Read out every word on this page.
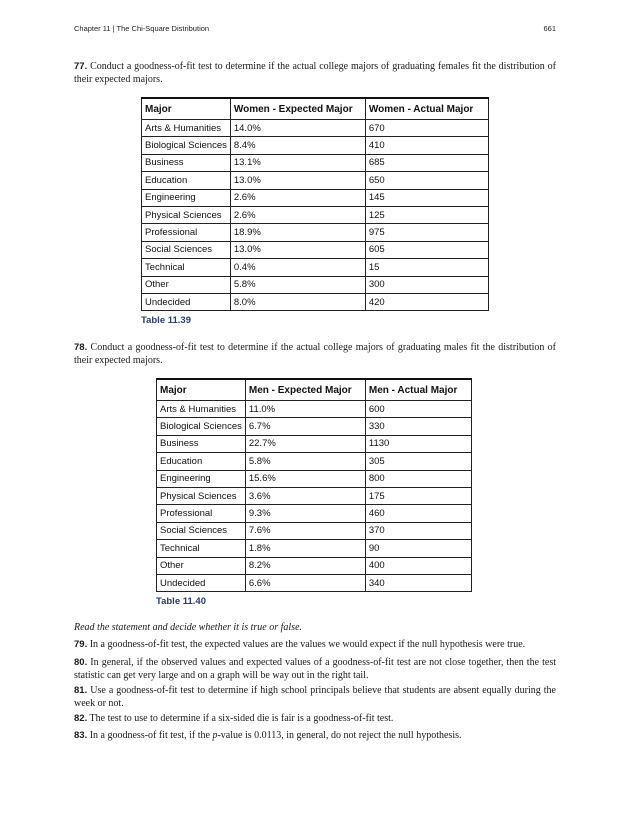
Chapter 11 | The Chi-Square Distribution	661
77. Conduct a goodness-of-fit test to determine if the actual college majors of graduating females fit the distribution of their expected majors.
Major	Women - Expected Major	Women - Actual Major
Arts & Humanities	14.0%	670
Biological Sciences	8.4%	410
Business	13.1%	685
Education	13.0%	650
Engineering	2.6%	145
Physical Sciences	2.6%	125
Professional	18.9%	975
Social Sciences	13.0%	605
Technical	0.4%	15
Other	5.8%	300
Undecided	8.0%	420
Table 11.39
78. Conduct a goodness-of-fit test to determine if the actual college majors of graduating males fit the distribution of their expected majors.
Major	Men - Expected Major	Men - Actual Major
Arts & Humanities	11.0%	600
Biological Sciences	6.7%	330
Business	22.7%	1130
Education	5.8%	305
Engineering	15.6%	800
Physical Sciences	3.6%	175
Professional	9.3%	460
Social Sciences	7.6%	370
Technical	1.8%	90
Other	8.2%	400
Undecided	6.6%	340
Table 11.40
Read the statement and decide whether it is true or false.
79. In a goodness-of-fit test, the expected values are the values we would expect if the null hypothesis were true.
80. In general, if the observed values and expected values of a goodness-of-fit test are not close together, then the test statistic can get very large and on a graph will be way out in the right tail.
81. Use a goodness-of-fit test to determine if high school principals believe that students are absent equally during the week or not.
82. The test to use to determine if a six-sided die is fair is a goodness-of-fit test.
83. In a goodness-of fit test, if the p-value is 0.0113, in general, do not reject the null hypothesis.
